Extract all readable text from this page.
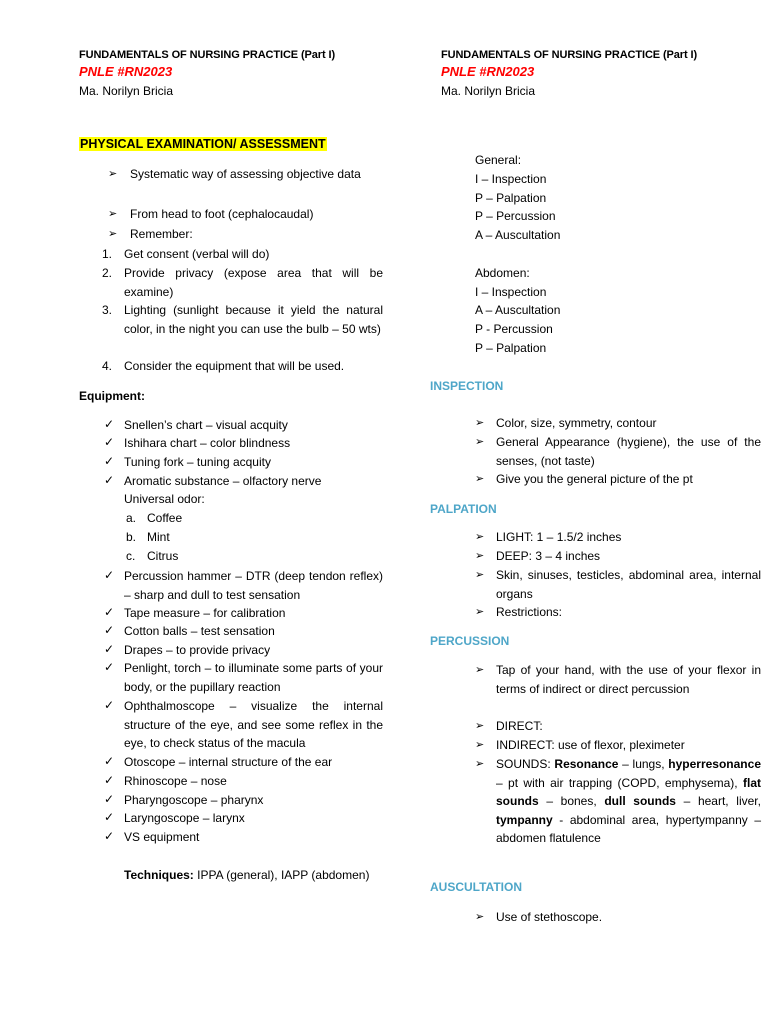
FUNDAMENTALS OF NURSING PRACTICE (Part I)
PNLE #RN2023
Ma. Norilyn Bricia
PHYSICAL EXAMINATION/ ASSESSMENT
➢ Systematic way of assessing objective data
➢ From head to foot (cephalocaudal)
➢ Remember:
1. Get consent (verbal will do)
2. Provide privacy (expose area that will be examine)
3. Lighting (sunlight because it yield the natural color, in the night you can use the bulb – 50 wts)
4. Consider the equipment that will be used.
Equipment:
✓ Snellen’s chart – visual acquity
✓ Ishihara chart – color blindness
✓ Tuning fork – tuning acquity
✓ Aromatic substance – olfactory nerve
Universal odor:
a. Coffee
b. Mint
c. Citrus
✓ Percussion hammer – DTR (deep tendon reflex) – sharp and dull to test sensation
✓ Tape measure – for calibration
✓ Cotton balls – test sensation
✓ Drapes – to provide privacy
✓ Penlight, torch – to illuminate some parts of your body, or the pupillary reaction
✓ Ophthalmoscope – visualize the internal structure of the eye, and see some reflex in the eye, to check status of the macula
✓ Otoscope – internal structure of the ear
✓ Rhinoscope – nose
✓ Pharyngoscope – pharynx
✓ Laryngoscope – larynx
✓ VS equipment
Techniques: IPPA (general), IAPP (abdomen)
FUNDAMENTALS OF NURSING PRACTICE (Part I)
PNLE #RN2023
Ma. Norilyn Bricia
General:
I – Inspection
P – Palpation
P – Percussion
A – Auscultation
Abdomen:
I – Inspection
A – Auscultation
P - Percussion
P – Palpation
INSPECTION
➢ Color, size, symmetry, contour
➢ General Appearance (hygiene), the use of the senses, (not taste)
➢ Give you the general picture of the pt
PALPATION
➢ LIGHT: 1 – 1.5/2 inches
➢ DEEP: 3 – 4 inches
➢ Skin, sinuses, testicles, abdominal area, internal organs
➢ Restrictions:
PERCUSSION
➢ Tap of your hand, with the use of your flexor in terms of indirect or direct percussion
➢ DIRECT:
➢ INDIRECT: use of flexor, pleximeter
➢ SOUNDS: Resonance – lungs, hyperresonance – pt with air trapping (COPD, emphysema), flat sounds – bones, dull sounds – heart, liver, tympanny - abdominal area, hypertympanny – abdomen flatulence
AUSCULTATION
➢ Use of stethoscope.
